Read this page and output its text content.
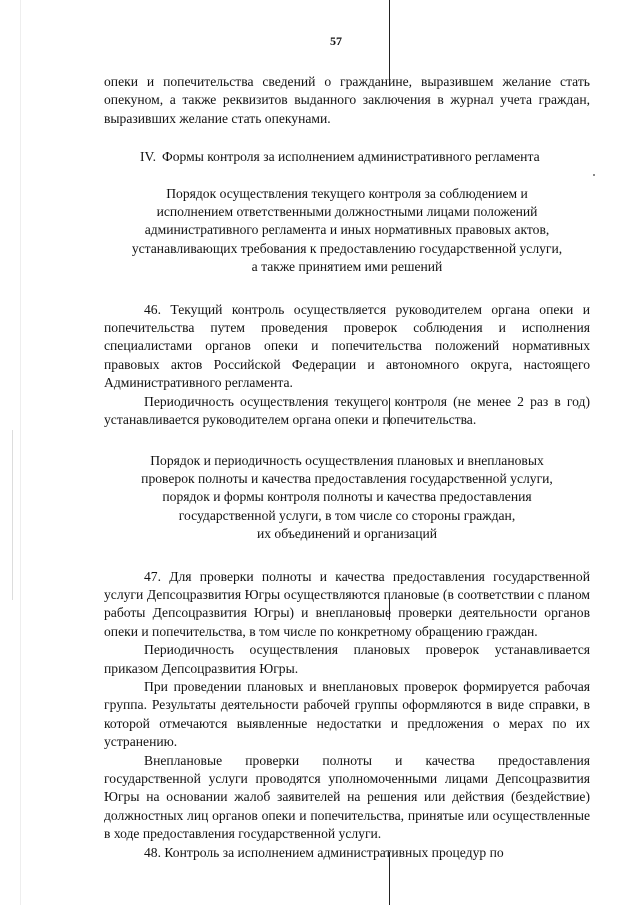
57

опеки и попечительства сведений о гражданине, выразившем желание стать опекуном, а также реквизитов выданного заключения в журнал учета граждан, выразивших желание стать опекунами.

IV. Формы контроля за исполнением административного регламента
Порядок осуществления текущего контроля за соблюдением и
исполнением ответственными должностными лицами положений
административного регламента и иных нормативных правовых актов,
устанавливающих требования к предоставлению государственной услуги,
а также принятием ими решений

46. Текущий контроль осуществляется руководителем органа опеки и попечительства путем проведения проверок соблюдения и исполнения специалистами органов опеки и попечительства положений нормативных правовых актов Российской Федерации и автономного округа, настоящего Административного регламента.

Периодичность осуществления текущего контроля (не менее 2 раз в год) устанавливается руководителем органа опеки и попечительства.

Порядок и периодичность осуществления плановых и внеплановых
проверок полноты и качества предоставления государственной услуги,
порядок и формы контроля полноты и качества предоставления
государственной услуги, в том числе со стороны граждан,
их объединений и организаций

47. Для проверки полноты и качества предоставления государственной услуги Депсоцразвития Югры осуществляются плановые (в соответствии с планом работы Депсоцразвития Югры) и внеплановые проверки деятельности органов опеки и попечительства, в том числе по конкретному обращению граждан.

Периодичность осуществления плановых проверок устанавливается приказом Депсоцразвития Югры.

При проведении плановых и внеплановых проверок формируется рабочая группа. Результаты деятельности рабочей группы оформляются в виде справки, в которой отмечаются выявленные недостатки и предложения о мерах по их устранению.

Внеплановые проверки полноты и качества предоставления государственной услуги проводятся уполномоченными лицами Депсоцразвития Югры на основании жалоб заявителей на решения или действия (бездействие) должностных лиц органов опеки и попечительства, принятые или осуществленные в ходе предоставления государственной услуги.

48. Контроль за исполнением административных процедур по
